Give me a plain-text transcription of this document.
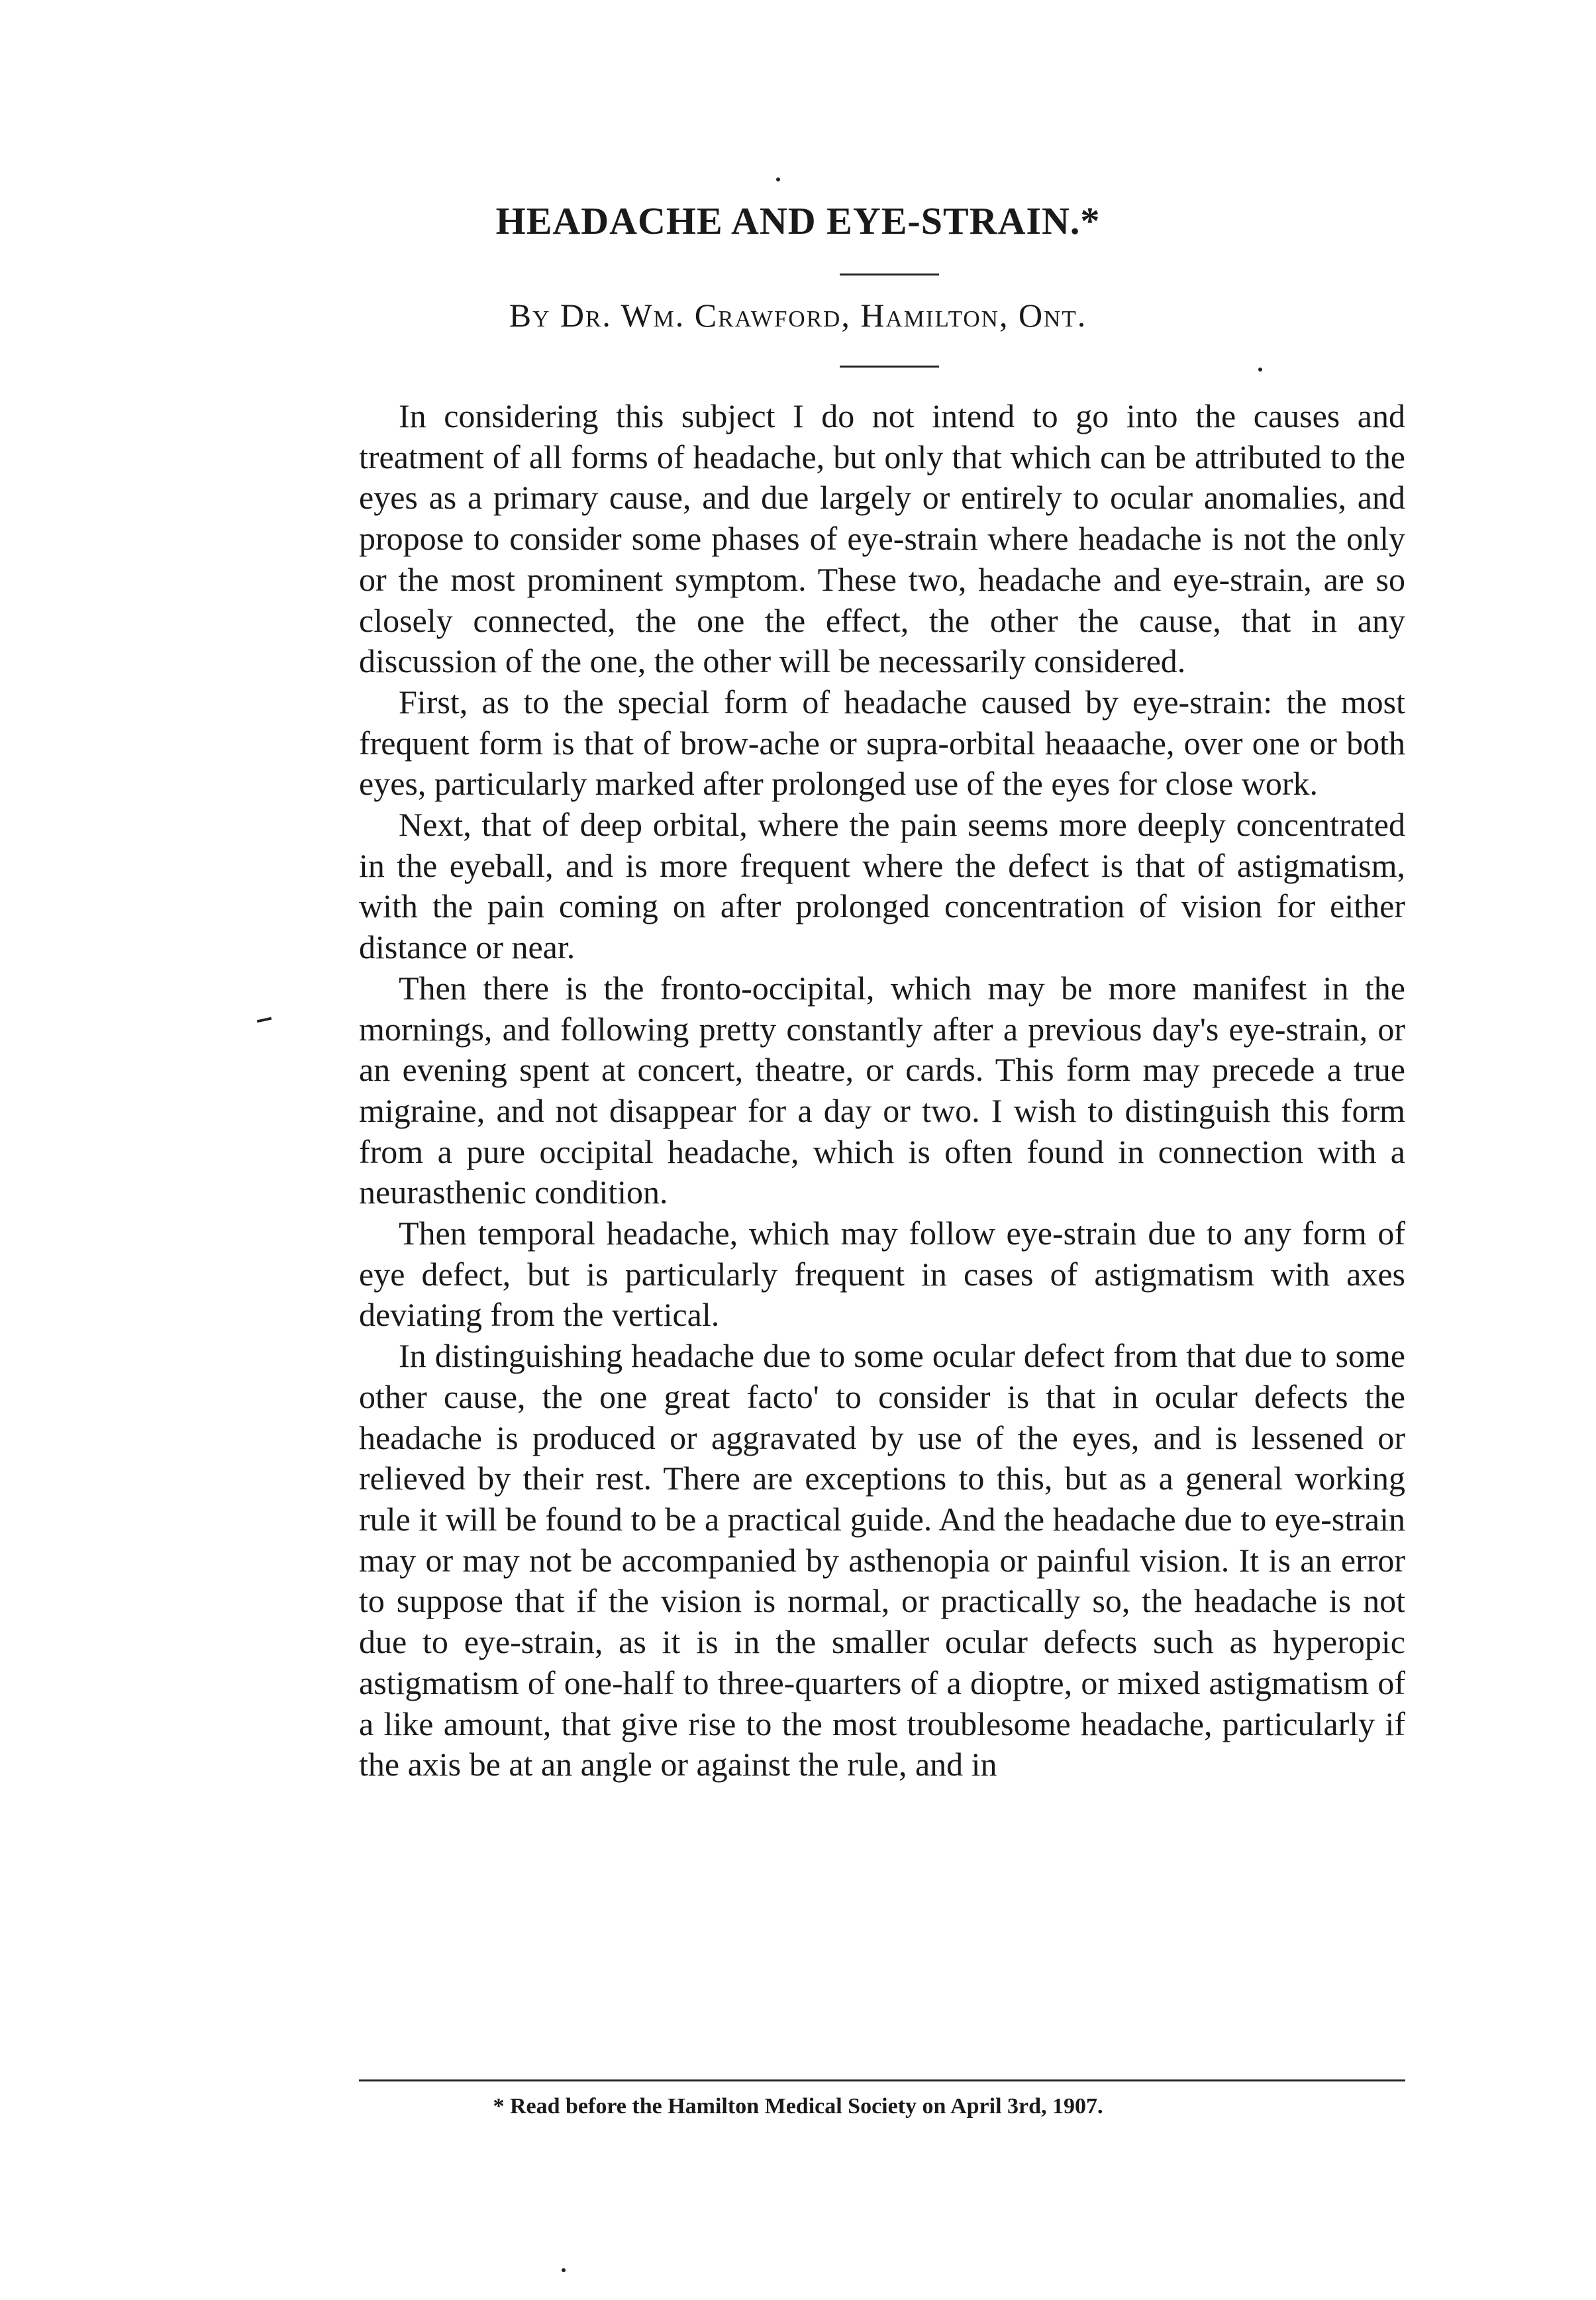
HEADACHE AND EYE-STRAIN.*

By Dr. Wm. Crawford, Hamilton, Ont.

In considering this subject I do not intend to go into the causes and treatment of all forms of headache, but only that which can be attributed to the eyes as a primary cause, and due largely or entirely to ocular anomalies, and propose to consider some phases of eye-strain where headache is not the only or the most prominent symptom. These two, headache and eye-strain, are so closely connected, the one the effect, the other the cause, that in any discussion of the one, the other will be necessarily considered.

First, as to the special form of headache caused by eye-strain: the most frequent form is that of brow-ache or supra-orbital heaaache, over one or both eyes, particularly marked after prolonged use of the eyes for close work.

Next, that of deep orbital, where the pain seems more deeply concentrated in the eyeball, and is more frequent where the defect is that of astigmatism, with the pain coming on after prolonged concentration of vision for either distance or near.

Then there is the fronto-occipital, which may be more manifest in the mornings, and following pretty constantly after a previous day's eye-strain, or an evening spent at concert, theatre, or cards. This form may precede a true migraine, and not disappear for a day or two. I wish to distinguish this form from a pure occipital headache, which is often found in connection with a neurasthenic condition.

Then temporal headache, which may follow eye-strain due to any form of eye defect, but is particularly frequent in cases of astigmatism with axes deviating from the vertical.

In distinguishing headache due to some ocular defect from that due to some other cause, the one great facto' to consider is that in ocular defects the headache is produced or aggravated by use of the eyes, and is lessened or relieved by their rest. There are exceptions to this, but as a general working rule it will be found to be a practical guide. And the headache due to eye-strain may or may not be accompanied by asthenopia or painful vision. It is an error to suppose that if the vision is normal, or practically so, the headache is not due to eye-strain, as it is in the smaller ocular defects such as hyperopic astigmatism of one-half to three-quarters of a dioptre, or mixed astigmatism of a like amount, that give rise to the most troublesome headache, particularly if the axis be at an angle or against the rule, and in

* Read before the Hamilton Medical Society on April 3rd, 1907.
